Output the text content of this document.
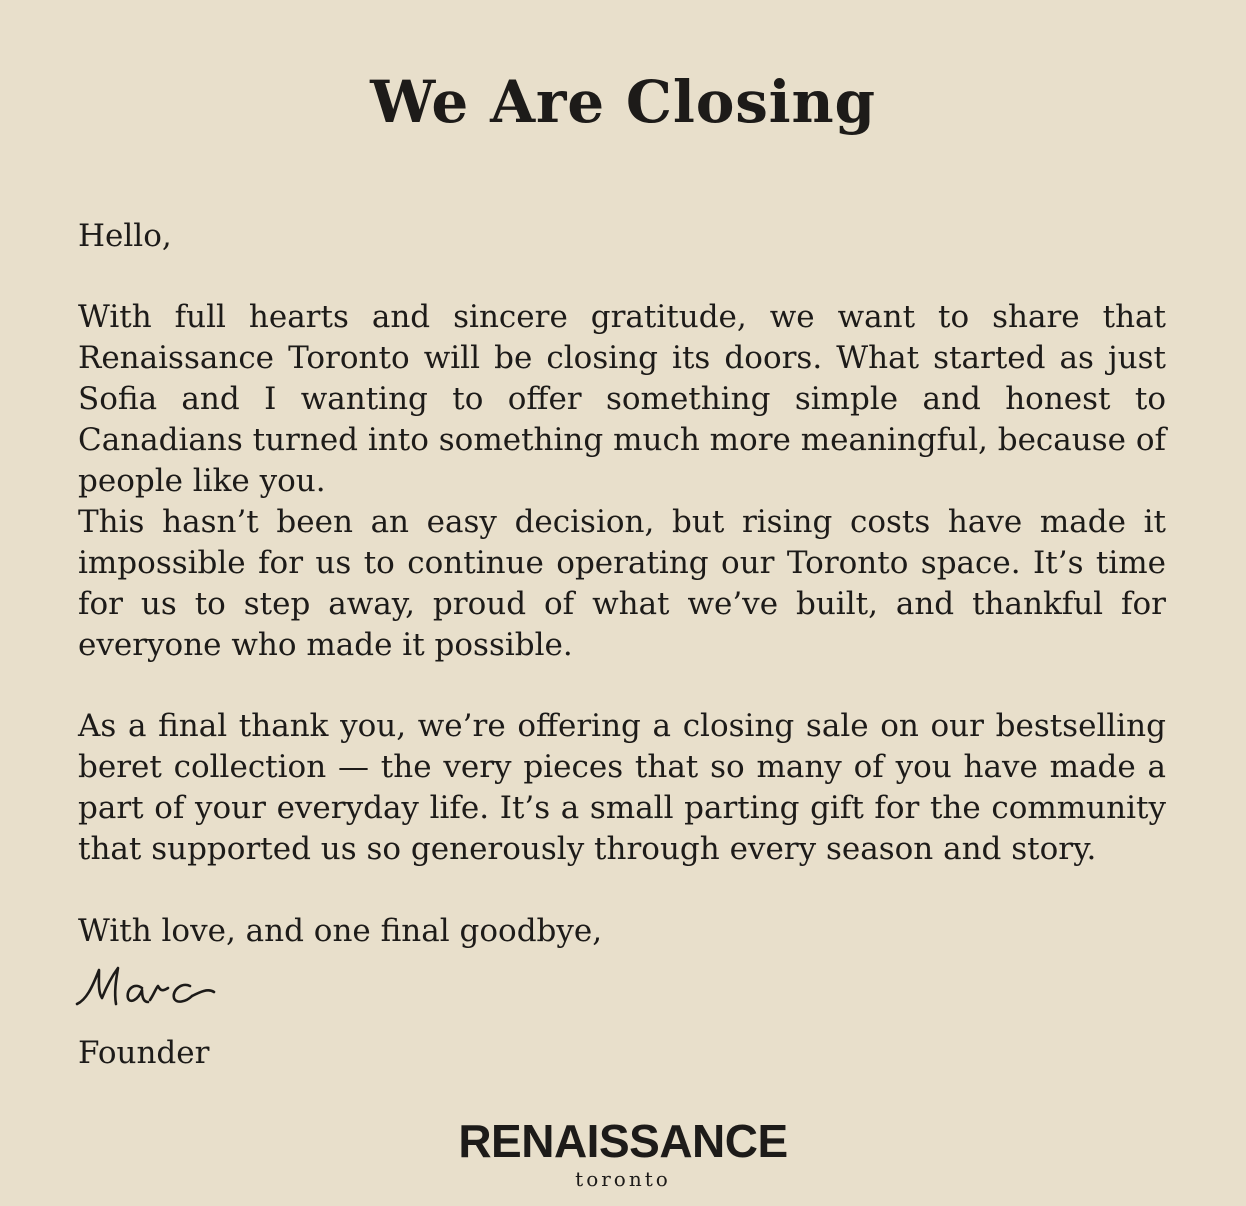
We Are Closing

Hello,

With full hearts and sincere gratitude, we want to share that Renaissance Toronto will be closing its doors. What started as just Sofia and I wanting to offer something simple and honest to Canadians turned into something much more meaningful, because of people like you.

This hasn’t been an easy decision, but rising costs have made it impossible for us to continue operating our Toronto space. It’s time for us to step away, proud of what we’ve built, and thankful for everyone who made it possible.

As a final thank you, we’re offering a closing sale on our bestselling beret collection — the very pieces that so many of you have made a part of your everyday life. It’s a small parting gift for the community that supported us so generously through every season and story.

With love, and one final goodbye,

Founder

RENAISSANCE
toronto
